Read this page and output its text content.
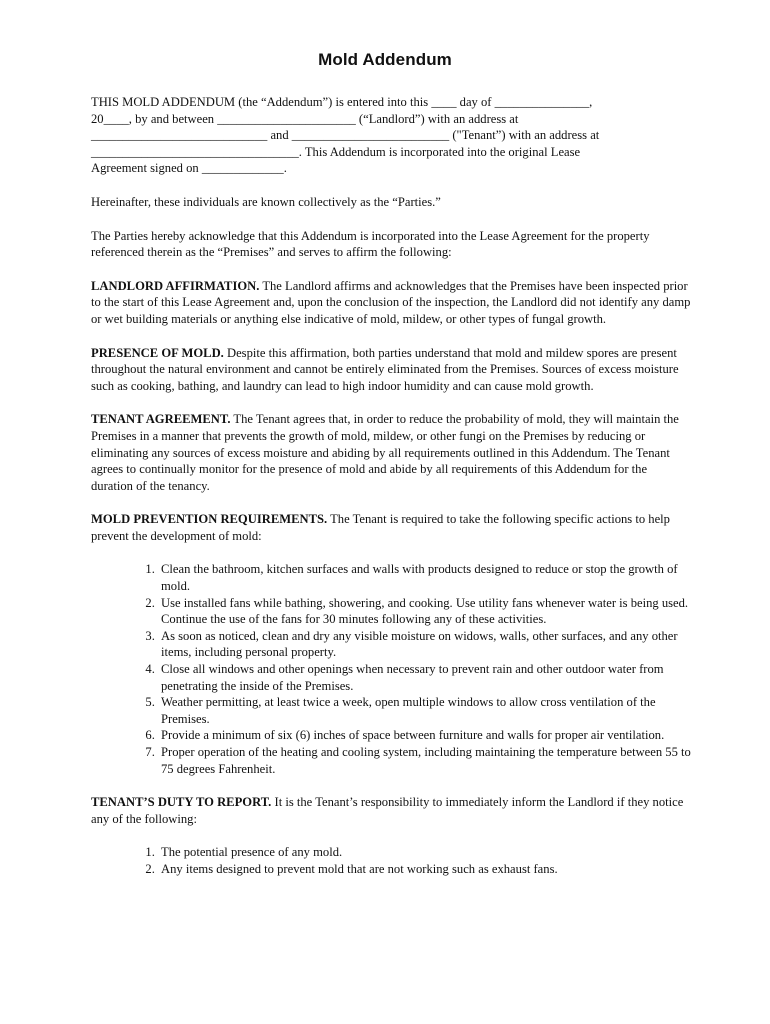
Mold Addendum
THIS MOLD ADDENDUM (the “Addendum”) is entered into this ____ day of _______________,
20____, by and between ______________________ (“Landlord”) with an address at
____________________________ and _________________________ ("Tenant”) with an address at
_________________________________. This Addendum is incorporated into the original Lease
Agreement signed on _____________.

Hereinafter, these individuals are known collectively as the “Parties.”

The Parties hereby acknowledge that this Addendum is incorporated into the Lease Agreement for the property referenced therein as the “Premises” and serves to affirm the following:

LANDLORD AFFIRMATION. The Landlord affirms and acknowledges that the Premises have been inspected prior to the start of this Lease Agreement and, upon the conclusion of the inspection, the Landlord did not identify any damp or wet building materials or anything else indicative of mold, mildew, or other types of fungal growth.

PRESENCE OF MOLD. Despite this affirmation, both parties understand that mold and mildew spores are present throughout the natural environment and cannot be entirely eliminated from the Premises. Sources of excess moisture such as cooking, bathing, and laundry can lead to high indoor humidity and can cause mold growth.

TENANT AGREEMENT. The Tenant agrees that, in order to reduce the probability of mold, they will maintain the Premises in a manner that prevents the growth of mold, mildew, or other fungi on the Premises by reducing or eliminating any sources of excess moisture and abiding by all requirements outlined in this Addendum. The Tenant agrees to continually monitor for the presence of mold and abide by all requirements of this Addendum for the duration of the tenancy.

MOLD PREVENTION REQUIREMENTS. The Tenant is required to take the following specific actions to help prevent the development of mold:

1. Clean the bathroom, kitchen surfaces and walls with products designed to reduce or stop the growth of mold.
2. Use installed fans while bathing, showering, and cooking. Use utility fans whenever water is being used. Continue the use of the fans for 30 minutes following any of these activities.
3. As soon as noticed, clean and dry any visible moisture on widows, walls, other surfaces, and any other items, including personal property.
4. Close all windows and other openings when necessary to prevent rain and other outdoor water from penetrating the inside of the Premises.
5. Weather permitting, at least twice a week, open multiple windows to allow cross ventilation of the Premises.
6. Provide a minimum of six (6) inches of space between furniture and walls for proper air ventilation.
7. Proper operation of the heating and cooling system, including maintaining the temperature between 55 to 75 degrees Fahrenheit.

TENANT’S DUTY TO REPORT. It is the Tenant’s responsibility to immediately inform the Landlord if they notice any of the following:

1. The potential presence of any mold.
2. Any items designed to prevent mold that are not working such as exhaust fans.
